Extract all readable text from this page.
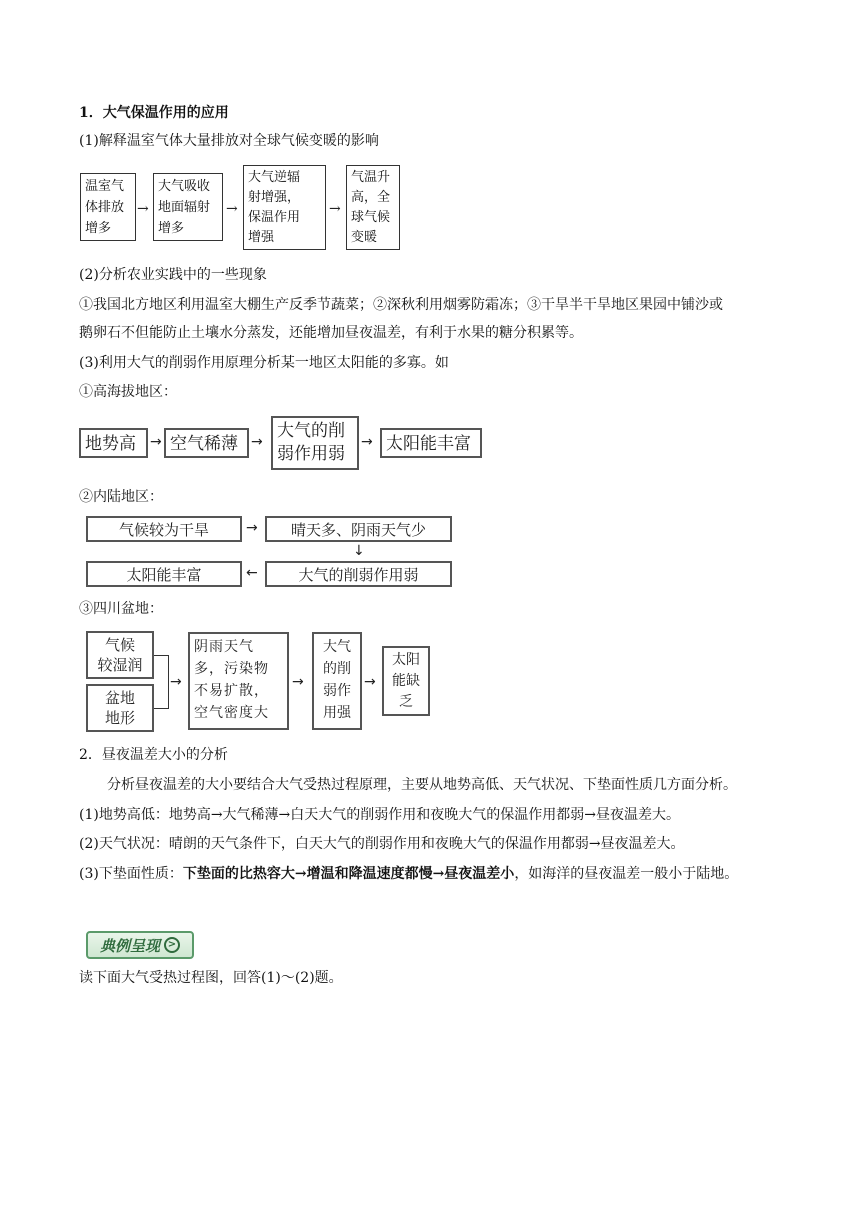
1．大气保温作用的应用
(1)解释温室气体大量排放对全球气候变暖的影响
温室气
体排放
增多
→
大气吸收
地面辐射
增多
→
大气逆辐
射增强，
保温作用
增强
→
气温升
高，全
球气候
变暖
(2)分析农业实践中的一些现象
①我国北方地区利用温室大棚生产反季节蔬菜；②深秋利用烟雾防霜冻；③干旱半干旱地区果园中铺沙或
鹅卵石不但能防止土壤水分蒸发，还能增加昼夜温差，有利于水果的糖分积累等。
(3)利用大气的削弱作用原理分析某一地区太阳能的多寡。如
①高海拔地区：
地势高	→ 空气稀薄 →
大气的削
弱作用弱
→ 太阳能丰富
②内陆地区：
气候较为干旱	→	晴天多、阴雨天气少
↓
大气的削弱作用弱
←
太阳能丰富
③四川盆地：
气候
较湿润
盆地
地形
→
阴雨天气
多，污染物
不易扩散，
空气密度大
→
大气
的削
弱作
用强
→
太阳
能缺
乏
2．昼夜温差大小的分析
分析昼夜温差的大小要结合大气受热过程原理，主要从地势高低、天气状况、下垫面性质几方面分析。
(1)地势高低：地势高→大气稀薄→白天大气的削弱作用和夜晚大气的保温作用都弱→昼夜温差大。
(2)天气状况：晴朗的天气条件下，白天大气的削弱作用和夜晚大气的保温作用都弱→昼夜温差大。
(3)下垫面性质：下垫面的比热容大→增温和降温速度都慢→昼夜温差小，如海洋的昼夜温差一般小于陆地。
典例呈现 >
读下面大气受热过程图，回答(1)～(2)题。
